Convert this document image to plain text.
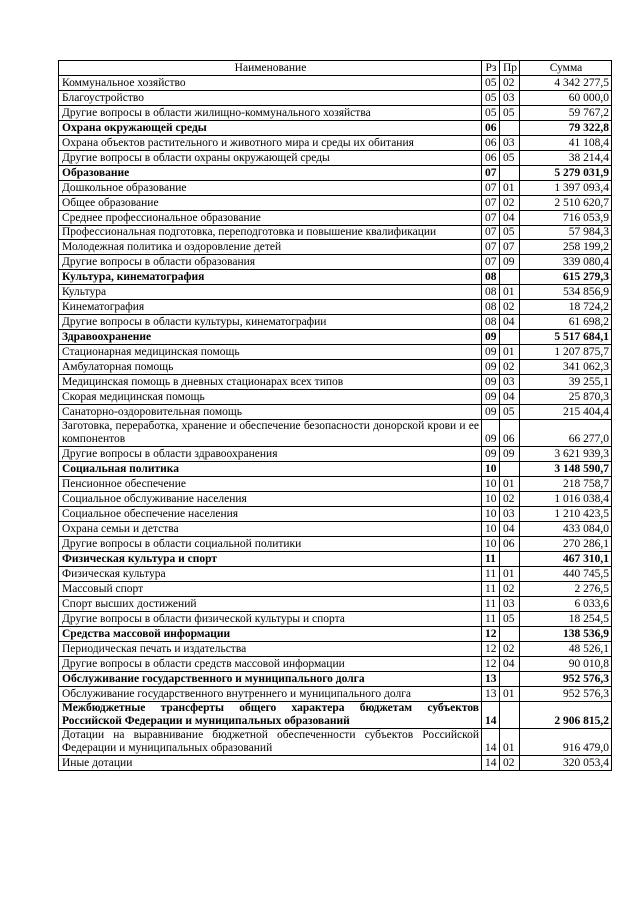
Наименование	Рз	Пр	Сумма
Коммунальное хозяйство	05	02	4 342 277,5
Благоустройство	05	03	60 000,0
Другие вопросы в области жилищно-коммунального хозяйства	05	05	59 767,2
Охрана окружающей среды	06		79 322,8
Охрана объектов растительного и животного мира и среды их обитания	06	03	41 108,4
Другие вопросы в области охраны окружающей среды	06	05	38 214,4
Образование	07		5 279 031,9
Дошкольное образование	07	01	1 397 093,4
Общее образование	07	02	2 510 620,7
Среднее профессиональное образование	07	04	716 053,9
Профессиональная подготовка, переподготовка и повышение квалификации	07	05	57 984,3
Молодежная политика и оздоровление детей	07	07	258 199,2
Другие вопросы в области образования	07	09	339 080,4
Культура, кинематография	08		615 279,3
Культура	08	01	534 856,9
Кинематография	08	02	18 724,2
Другие вопросы в области культуры, кинематографии	08	04	61 698,2
Здравоохранение	09		5 517 684,1
Стационарная медицинская помощь	09	01	1 207 875,7
Амбулаторная помощь	09	02	341 062,3
Медицинская помощь в дневных стационарах всех типов	09	03	39 255,1
Скорая медицинская помощь	09	04	25 870,3
Санаторно-оздоровительная помощь	09	05	215 404,4
Заготовка, переработка, хранение и обеспечение безопасности донорской крови и ее компонентов	09	06	66 277,0
Другие вопросы в области здравоохранения	09	09	3 621 939,3
Социальная политика	10		3 148 590,7
Пенсионное обеспечение	10	01	218 758,7
Социальное обслуживание населения	10	02	1 016 038,4
Социальное обеспечение населения	10	03	1 210 423,5
Охрана семьи и детства	10	04	433 084,0
Другие вопросы в области социальной политики	10	06	270 286,1
Физическая культура и спорт	11		467 310,1
Физическая культура	11	01	440 745,5
Массовый спорт	11	02	2 276,5
Спорт высших достижений	11	03	6 033,6
Другие вопросы в области физической культуры и спорта	11	05	18 254,5
Средства массовой информации	12		138 536,9
Периодическая печать и издательства	12	02	48 526,1
Другие вопросы в области средств массовой информации	12	04	90 010,8
Обслуживание государственного и муниципального долга	13		952 576,3
Обслуживание государственного внутреннего и муниципального долга	13	01	952 576,3
Межбюджетные трансферты общего характера бюджетам субъектов Российской Федерации и муниципальных образований	14		2 906 815,2
Дотации на выравнивание бюджетной обеспеченности субъектов Российской Федерации и муниципальных образований	14	01	916 479,0
Иные дотации	14	02	320 053,4
